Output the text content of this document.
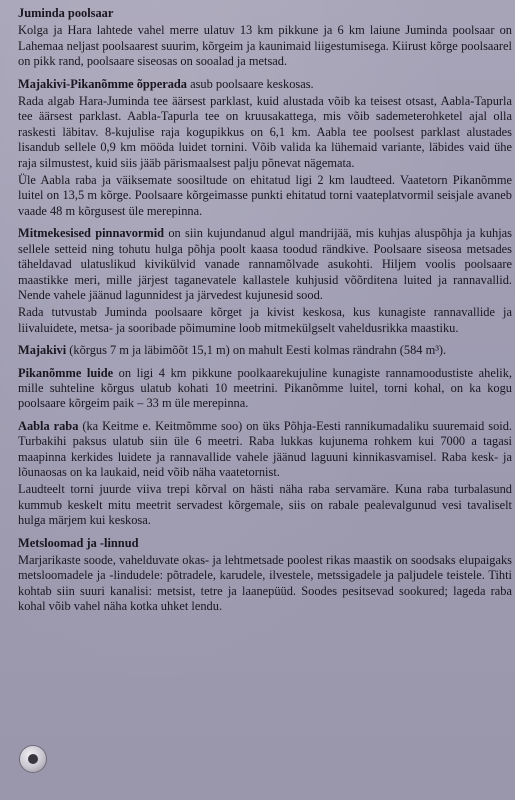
Juminda poolsaar

Kolga ja Hara lahtede vahel merre ulatuv 13 km pikkune ja 6 km laiune Juminda poolsaar on Lahemaa neljast poolsaarest suurim, kõrgeim ja kaunimaid liigestumisega. Kiirust kõrge poolsaarel on pikk rand, poolsaare siseosas on sooalad ja metsad.

Majakivi-Pikanõmme õpperada asub poolsaare keskosas.

Rada algab Hara-Juminda tee äärsest parklast, kuid alustada võib ka teisest otsast, Aabla-Tapurla tee äärsest parklast. Aabla-Tapurla tee on kruusakattega, mis võib sademeterohketel ajal olla raskesti läbitav. 8-kujulise raja kogupikkus on 6,1 km. Aabla tee poolsest parklast alustades lisandub sellele 0,9 km mööda luidet tornini. Võib valida ka lühemaid variante, läbides vaid ühe raja silmustest, kuid siis jääb pärismaalsest palju põnevat nägemata.

Üle Aabla raba ja väiksemate soosiltude on ehitatud ligi 2 km laudteed. Vaatetorn Pikanõmme luitel on 13,5 m kõrge. Poolsaare kõrgeimasse punkti ehitatud torni vaateplatvormil seisjale avaneb vaade 48 m kõrgusest üle merepinna.

Mitmekesised pinnavormid on siin kujundanud algul mandrijää, mis kuhjas aluspõhja ja kuhjas sellele setteid ning tohutu hulga põhja poolt kaasa toodud rändkive. Poolsaare siseosa metsades täheldavad ulatuslikud kivikülvid vanade rannamõlvade asukohti. Hiljem voolis poolsaare maastikke meri, mille järjest taganevatele kallastele kuhjusid võõrditena luited ja rannavallid. Nende vahele jäänud lagunnidest ja järvedest kujunesid sood.

Rada tutvustab Juminda poolsaare kõrget ja kivist keskosa, kus kunagiste rannavallide ja liivaluidete, metsa- ja sooribade põimumine loob mitmekülgselt vaheldusrikka maastiku.

Majakivi (kõrgus 7 m ja läbimõõt 15,1 m) on mahult Eesti kolmas rändrahn (584 m³).

Pikanõmme luide on ligi 4 km pikkune poolkaarekujuline kunagiste rannamoodustiste ahelik, mille suhteline kõrgus ulatub kohati 10 meetrini. Pikanõmme luitel, torni kohal, on ka kogu poolsaare kõrgeim paik – 33 m üle merepinna.

Aabla raba (ka Keitme e. Keitmõmme soo) on üks Põhja-Eesti rannikumadaliku suuremaid soid. Turbakihi paksus ulatub siin üle 6 meetri. Raba lukkas kujunema rohkem kui 7000 a tagasi maapinna kerkides luidete ja rannavallide vahele jäänud laguuni kinnikasvamisel. Raba kesk- ja lõunaosas on ka laukaid, neid võib näha vaatetornist.

Laudteelt torni juurde viiva trepi kõrval on hästi näha raba servamäre. Kuna raba turbalasund kummub keskelt mitu meetrit servadest kõrgemale, siis on rabale pealevalgunud vesi tavaliselt hulga märjem kui keskosa.

Metsloomad ja -linnud

Marjarikaste soode, vahelduvate okas- ja lehtmetsade poolest rikas maastik on soodsaks elupaigaks metsloomadele ja -lindudele: põtradele, karudele, ilvestele, metssigadele ja paljudele teistele. Tihti kohtab siin suuri kanalisi: metsist, tetre ja laanepüüd. Soodes pesitsevad sookured; lageda raba kohal võib vahel näha kotka uhket lendu.
